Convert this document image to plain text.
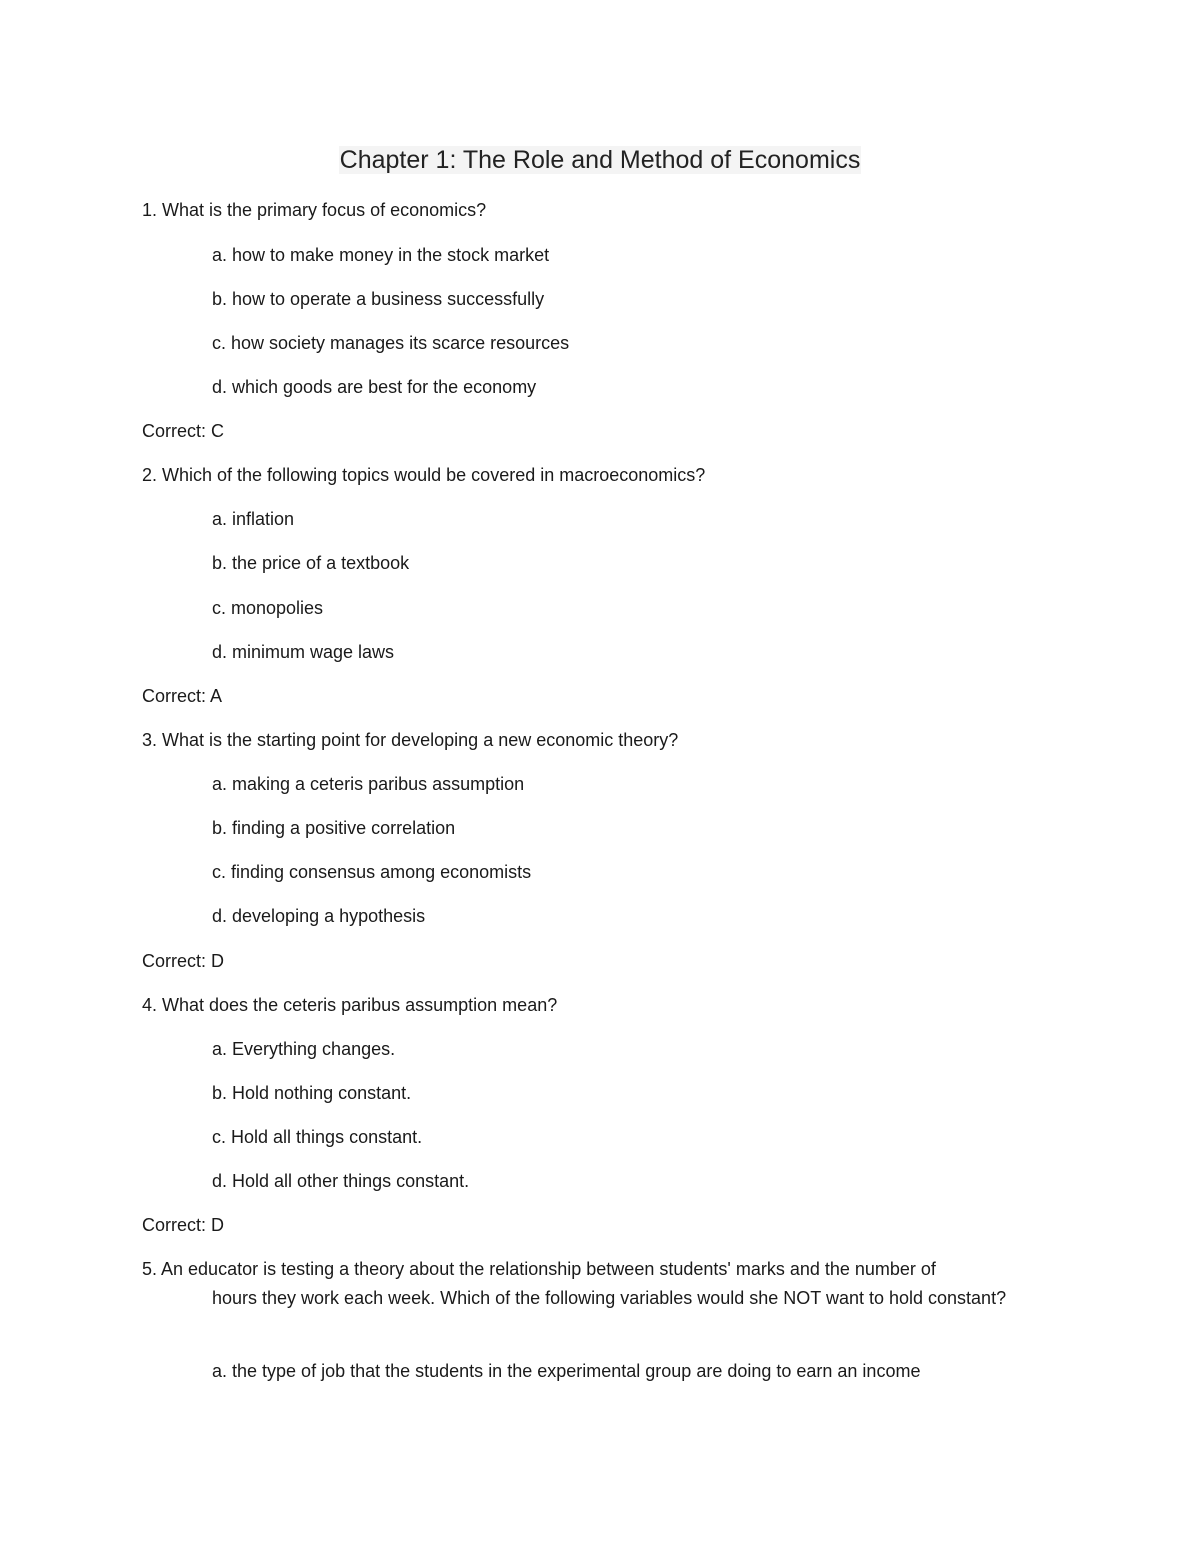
Chapter 1: The Role and Method of Economics
1. What is the primary focus of economics?
a. how to make money in the stock market
b. how to operate a business successfully
c. how society manages its scarce resources
d. which goods are best for the economy
Correct: C
2. Which of the following topics would be covered in macroeconomics?
a. inflation
b. the price of a textbook
c. monopolies
d. minimum wage laws
Correct: A
3. What is the starting point for developing a new economic theory?
a. making a ceteris paribus assumption
b. finding a positive correlation
c. finding consensus among economists
d. developing a hypothesis
Correct: D
4. What does the ceteris paribus assumption mean?
a. Everything changes.
b. Hold nothing constant.
c. Hold all things constant.
d. Hold all other things constant.
Correct: D
5. An educator is testing a theory about the relationship between students' marks and the number of
hours they work each week. Which of the following variables would she NOT want to hold constant?
a. the type of job that the students in the experimental group are doing to earn an income
